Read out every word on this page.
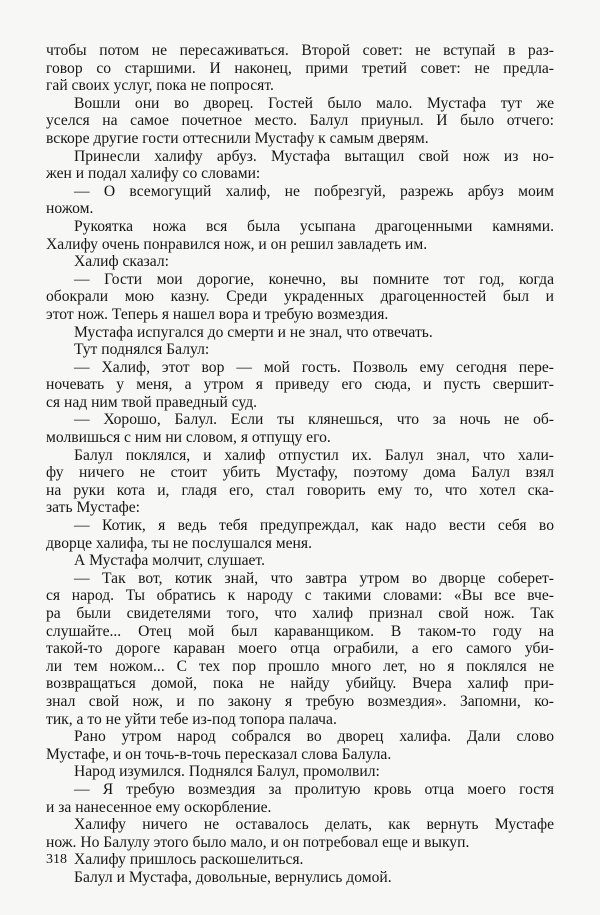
чтобы потом не пересаживаться. Второй совет: не вступай в раз-
говор со старшими. И наконец, прими третий совет: не предла-
гай своих услуг, пока не попросят.
Вошли они во дворец. Гостей было мало. Мустафа тут же
уселся на самое почетное место. Балул приуныл. И было отчего:
вскоре другие гости оттеснили Мустафу к самым дверям.
Принесли халифу арбуз. Мустафа вытащил свой нож из но-
жен и подал халифу со словами:
— О всемогущий халиф, не побрезгуй, разрежь арбуз моим
ножом.
Рукоятка ножа вся была усыпана драгоценными камнями.
Халифу очень понравился нож, и он решил завладеть им.
Халиф сказал:
— Гости мои дорогие, конечно, вы помните тот год, когда
обокрали мою казну. Среди украденных драгоценностей был и
этот нож. Теперь я нашел вора и требую возмездия.
Мустафа испугался до смерти и не знал, что отвечать.
Тут поднялся Балул:
— Халиф, этот вор — мой гость. Позволь ему сегодня пере-
ночевать у меня, а утром я приведу его сюда, и пусть свершит-
ся над ним твой праведный суд.
— Хорошо, Балул. Если ты клянешься, что за ночь не об-
молвишься с ним ни словом, я отпущу его.
Балул поклялся, и халиф отпустил их. Балул знал, что хали-
фу ничего не стоит убить Мустафу, поэтому дома Балул взял
на руки кота и, гладя его, стал говорить ему то, что хотел ска-
зать Мустафе:
— Котик, я ведь тебя предупреждал, как надо вести себя во
дворце халифа, ты не послушался меня.
А Мустафа молчит, слушает.
— Так вот, котик знай, что завтра утром во дворце соберет-
ся народ. Ты обратись к народу с такими словами: «Вы все вче-
ра были свидетелями того, что халиф признал свой нож. Так
слушайте... Отец мой был караванщиком. В таком-то году на
такой-то дороге караван моего отца ограбили, а его самого уби-
ли тем ножом... С тех пор прошло много лет, но я поклялся не
возвращаться домой, пока не найду убийцу. Вчера халиф при-
знал свой нож, и по закону я требую возмездия». Запомни, ко-
тик, а то не уйти тебе из-под топора палача.
Рано утром народ собрался во дворец халифа. Дали слово
Мустафе, и он точь-в-точь пересказал слова Балула.
Народ изумился. Поднялся Балул, промолвил:
— Я требую возмездия за пролитую кровь отца моего гостя
и за нанесенное ему оскорбление.
Халифу ничего не оставалось делать, как вернуть Мустафе
нож. Но Балулу этого было мало, и он потребовал еще и выкуп.
Халифу пришлось раскошелиться.
Балул и Мустафа, довольные, вернулись домой.
318
